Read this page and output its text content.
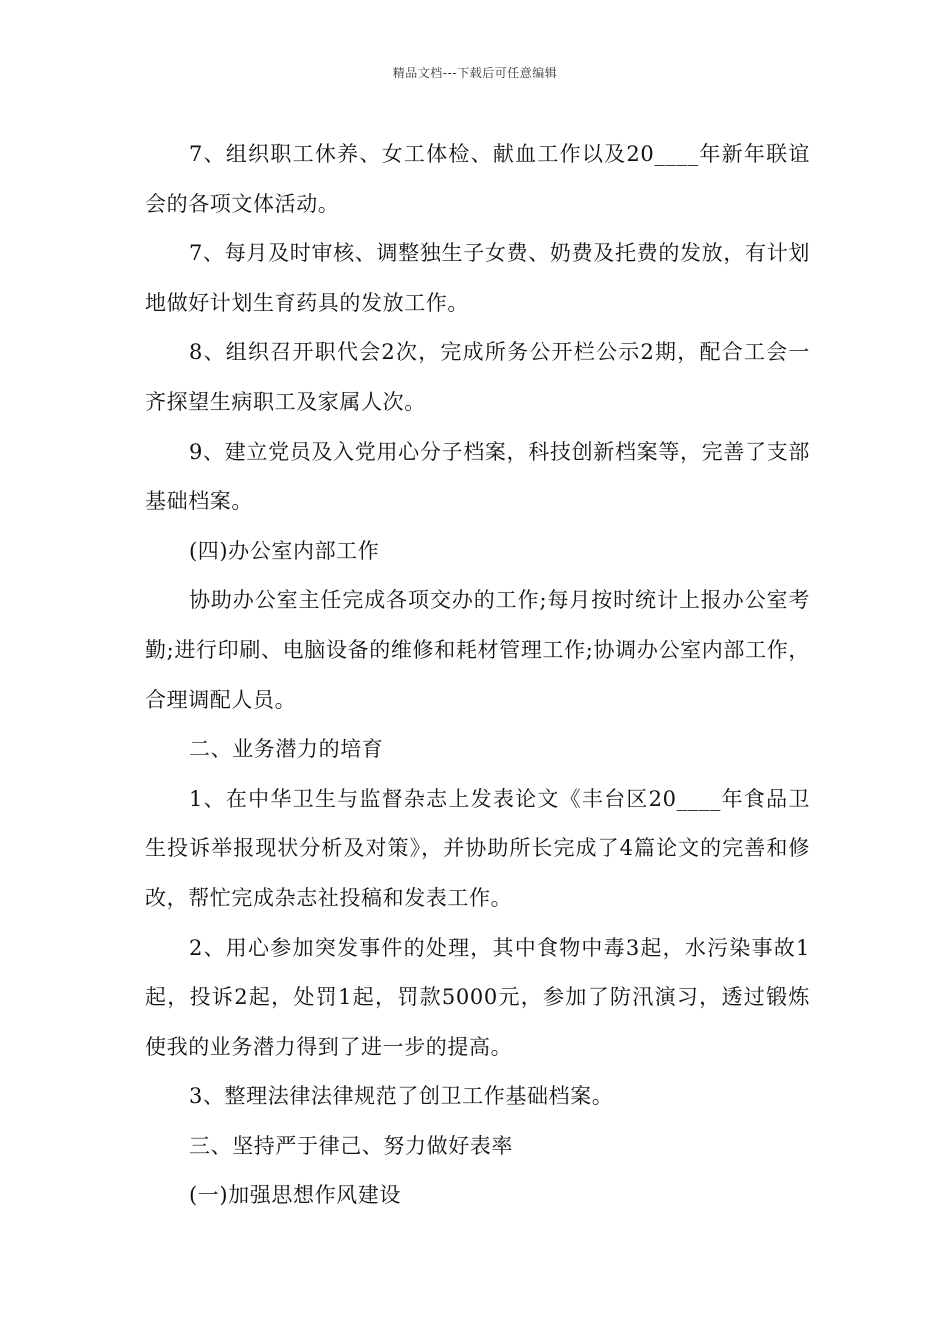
精品文档---下载后可任意编辑

7、组织职工休养、女工体检、献血工作以及20____年新年联谊会的各项文体活动。

7、每月及时审核、调整独生子女费、奶费及托费的发放，有计划地做好计划生育药具的发放工作。

8、组织召开职代会2次，完成所务公开栏公示2期，配合工会一齐探望生病职工及家属人次。

9、建立党员及入党用心分子档案，科技创新档案等，完善了支部基础档案。

(四)办公室内部工作

协助办公室主任完成各项交办的工作;每月按时统计上报办公室考勤;进行印刷、电脑设备的维修和耗材管理工作;协调办公室内部工作，合理调配人员。

二、业务潜力的培育

1、在中华卫生与监督杂志上发表论文《丰台区20____年食品卫生投诉举报现状分析及对策》，并协助所长完成了4篇论文的完善和修改，帮忙完成杂志社投稿和发表工作。

2、用心参加突发事件的处理，其中食物中毒3起，水污染事故1起，投诉2起，处罚1起，罚款5000元，参加了防汛演习，透过锻炼使我的业务潜力得到了进一步的提高。

3、整理法律法律规范了创卫工作基础档案。

三、坚持严于律己、努力做好表率

(一)加强思想作风建设
